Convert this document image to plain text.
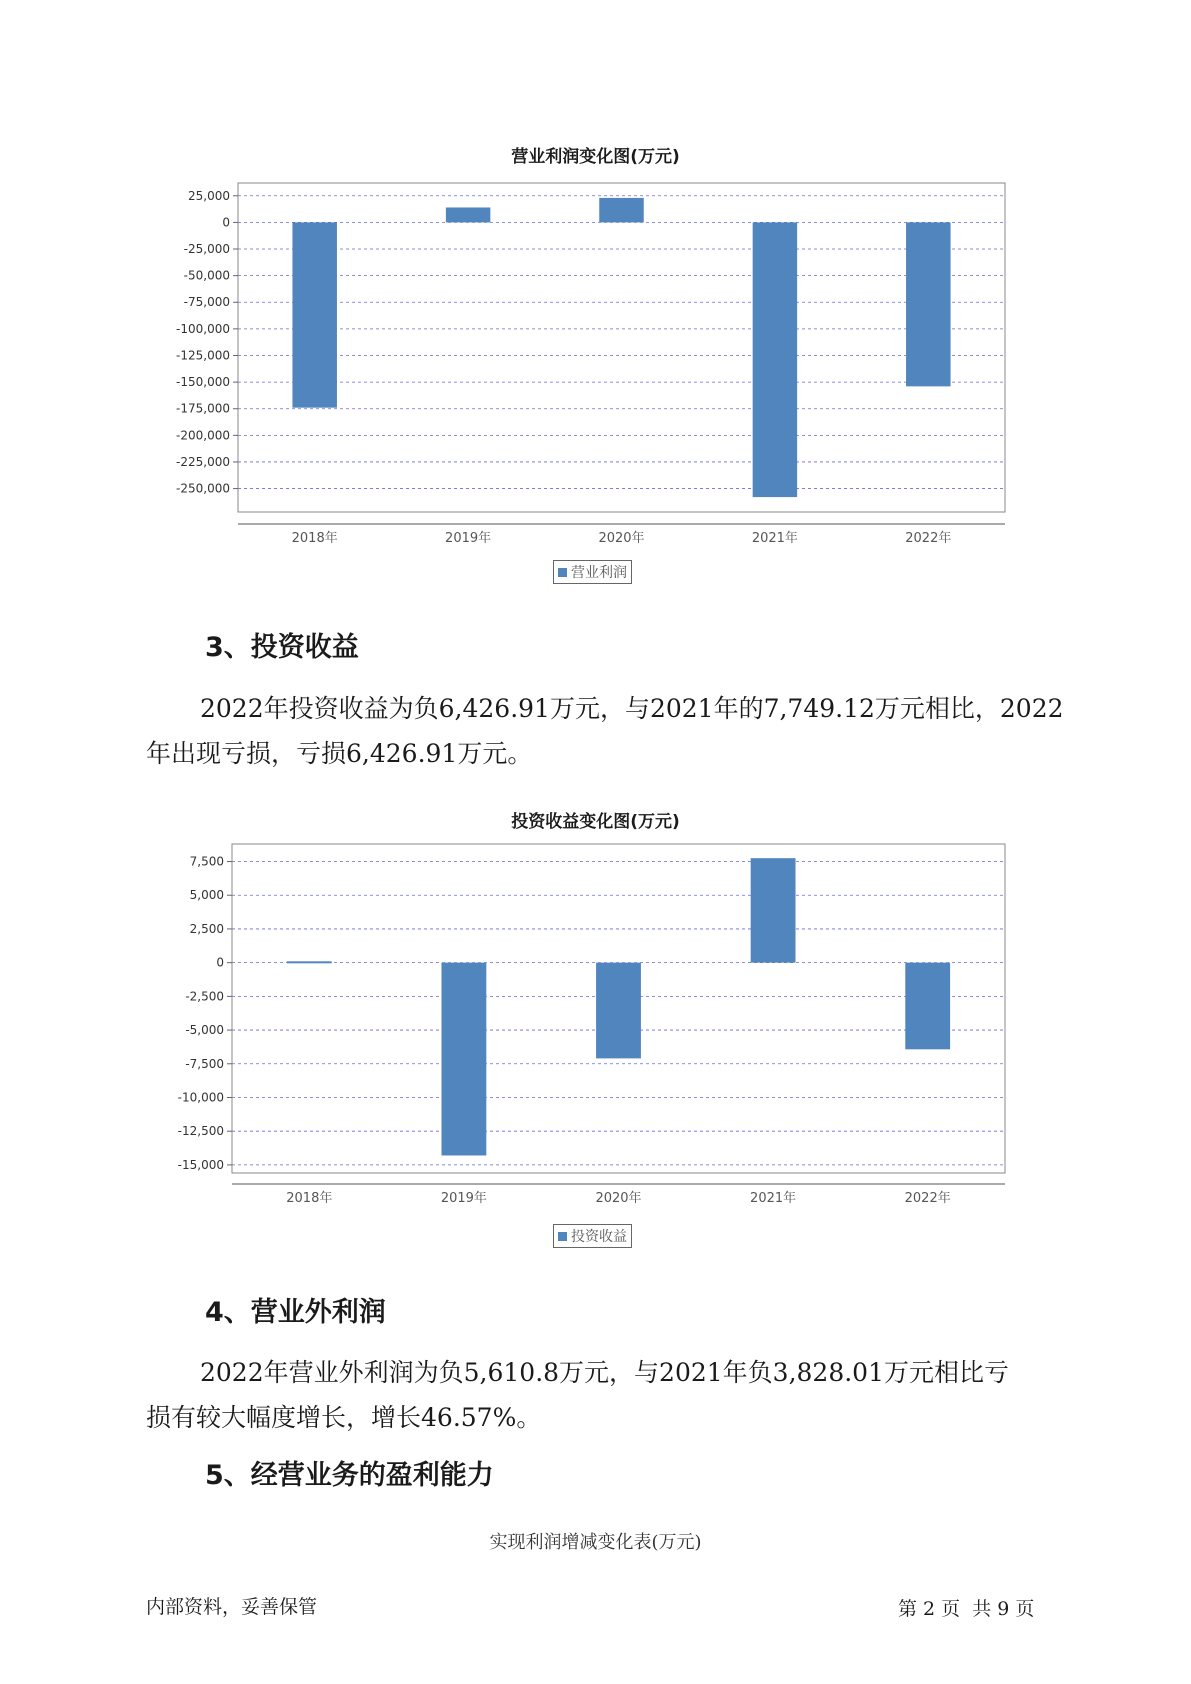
营业利润变化图(万元)
25,000
0
-25,000
-50,000
-75,000
-100,000
-125,000
-150,000
-175,000
-200,000
-225,000
-250,000
2018年	2019年	2020年	2021年	2022年
营业利润
3、投资收益
2022年投资收益为负6,426.91万元，与2021年的7,749.12万元相比，2022
年出现亏损，亏损6,426.91万元。
投资收益变化图(万元)
7,500
5,000
2,500
0
-2,500
-5,000
-7,500
-10,000
-12,500
-15,000
2018年	2019年	2020年	2021年	2022年
投资收益
4、营业外利润
2022年营业外利润为负5,610.8万元，与2021年负3,828.01万元相比亏
损有较大幅度增长，增长46.57%。
5、经营业务的盈利能力
实现利润增减变化表(万元)
内部资料，妥善保管	第 2 页  共 9 页
